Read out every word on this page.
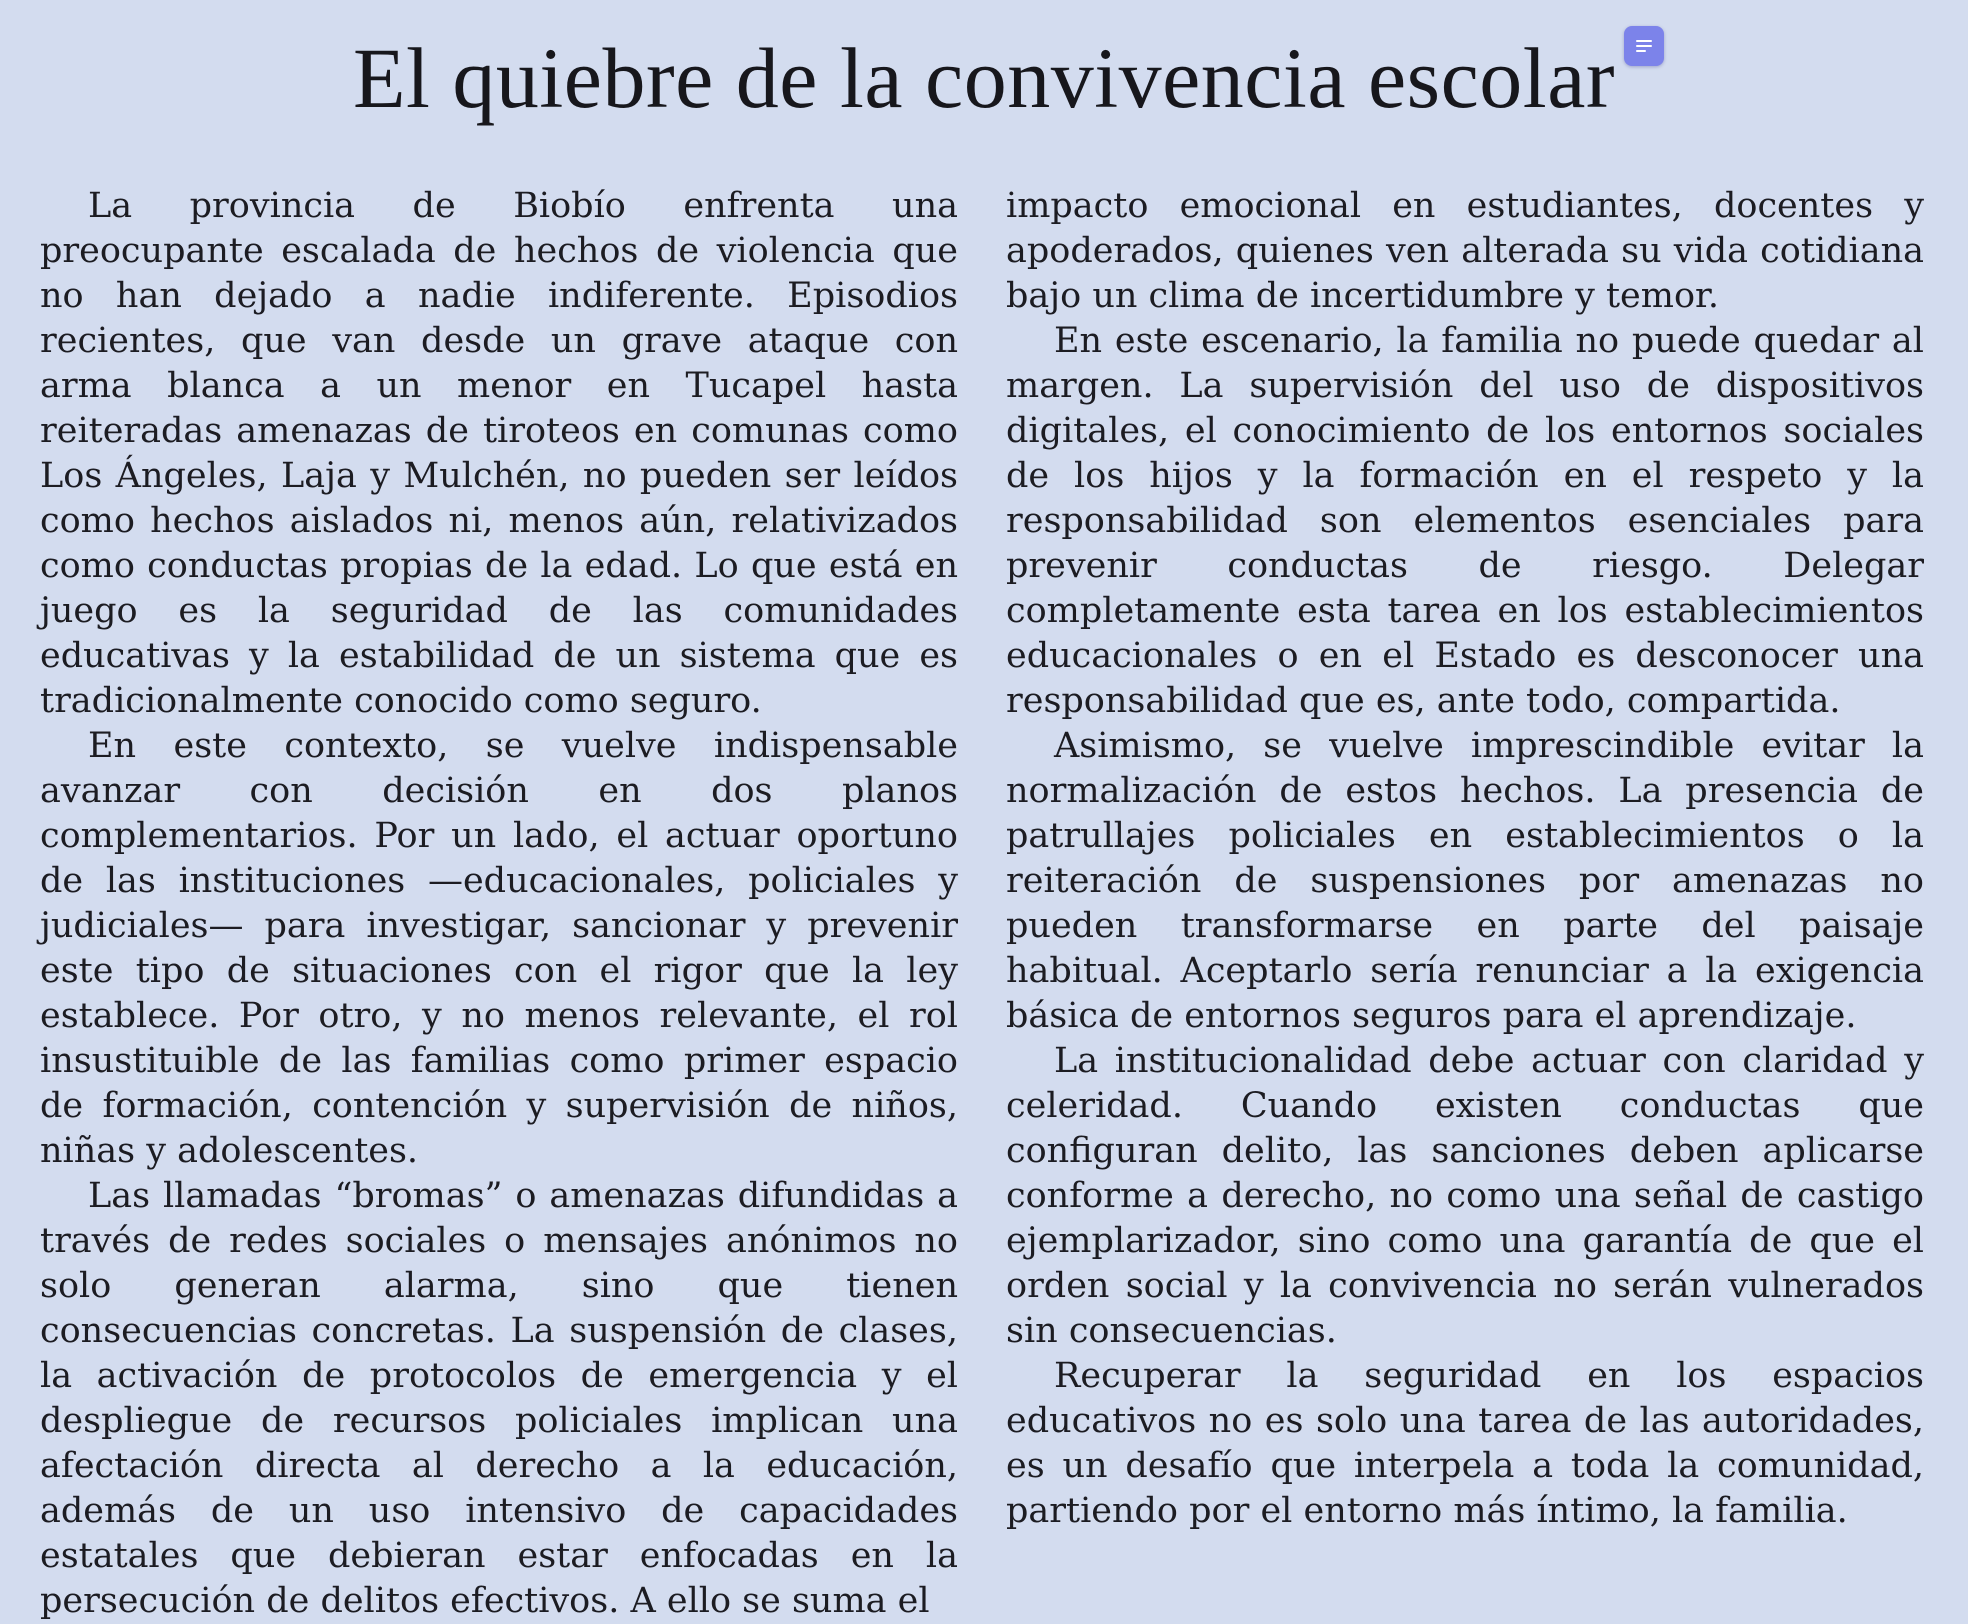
El quiebre de la convivencia escolar

La provincia de Biobío enfrenta una preocupante escalada de hechos de violencia que no han dejado a nadie indiferente. Episodios recientes, que van desde un grave ataque con arma blanca a un menor en Tucapel hasta reiteradas amenazas de tiroteos en comunas como Los Ángeles, Laja y Mulchén, no pueden ser leídos como hechos aislados ni, menos aún, relativizados como conductas propias de la edad. Lo que está en juego es la seguridad de las comunidades educativas y la estabilidad de un sistema que es tradicionalmente conocido como seguro.

En este contexto, se vuelve indispensable avanzar con decisión en dos planos complementarios. Por un lado, el actuar oportuno de las instituciones —educacionales, policiales y judiciales— para investigar, sancionar y prevenir este tipo de situaciones con el rigor que la ley establece. Por otro, y no menos relevante, el rol insustituible de las familias como primer espacio de formación, contención y supervisión de niños, niñas y adolescentes.

Las llamadas “bromas” o amenazas difundidas a través de redes sociales o mensajes anónimos no solo generan alarma, sino que tienen consecuencias concretas. La suspensión de clases, la activación de protocolos de emergencia y el despliegue de recursos policiales implican una afectación directa al derecho a la educación, además de un uso intensivo de capacidades estatales que debieran estar enfocadas en la persecución de delitos efectivos. A ello se suma el

impacto emocional en estudiantes, docentes y apoderados, quienes ven alterada su vida cotidiana bajo un clima de incertidumbre y temor.

En este escenario, la familia no puede quedar al margen. La supervisión del uso de dispositivos digitales, el conocimiento de los entornos sociales de los hijos y la formación en el respeto y la responsabilidad son elementos esenciales para prevenir conductas de riesgo. Delegar completamente esta tarea en los establecimientos educacionales o en el Estado es desconocer una responsabilidad que es, ante todo, compartida.

Asimismo, se vuelve imprescindible evitar la normalización de estos hechos. La presencia de patrullajes policiales en establecimientos o la reiteración de suspensiones por amenazas no pueden transformarse en parte del paisaje habitual. Aceptarlo sería renunciar a la exigencia básica de entornos seguros para el aprendizaje.

La institucionalidad debe actuar con claridad y celeridad. Cuando existen conductas que configuran delito, las sanciones deben aplicarse conforme a derecho, no como una señal de castigo ejemplarizador, sino como una garantía de que el orden social y la convivencia no serán vulnerados sin consecuencias.

Recuperar la seguridad en los espacios educativos no es solo una tarea de las autoridades, es un desafío que interpela a toda la comunidad, partiendo por el entorno más íntimo, la familia.
